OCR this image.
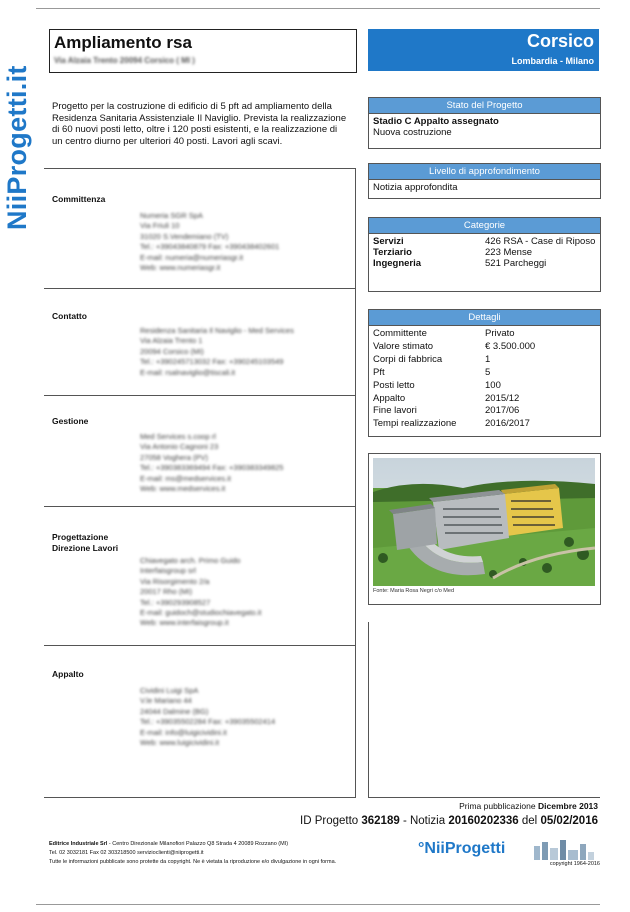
NiiProgetti.it
Ampliamento rsa
Via Alzaia Trento 20094 Corsico ( MI )
Corsico
Lombardia - Milano
Progetto per la costruzione di edificio di 5 pft ad ampliamento della Residenza Sanitaria Assistenziale Il Naviglio. Prevista la realizzazione di 60 nuovi posti letto, oltre i 120 posti esistenti, e la realizzazione di un centro diurno per ulteriori 40 posti. Lavori agli scavi.
Committenza
Numeria SGR SpA
Via Friuli 10
31020 S.Vendemiano (TV)
Tel.: +39043840879 Fax: +390438402601
E-mail: numeria@numeriasgr.it
Web: www.numeriasgr.it
Contatto
Residenza Sanitaria Il Naviglio - Med Services
Via Alzaia Trento 1
20094 Corsico (MI)
Tel.: +390245713032 Fax: +390245103549
E-mail: rsalnaviglio@tiscali.it
Gestione
Med Services s.coop rl
Via Antonio Cagnoni 23
27058 Voghera (PV)
Tel.: +390383369494 Fax: +390383349825
E-mail: ms@medservices.it
Web: www.medservices.it
Progettazione
Direzione Lavori
Chiavegato arch. Primo Guido
Interfaisgroup srl
Via Risorgimento 2/a
20017 Rho (MI)
Tel.: +390293908527
E-mail: guidoch@studiochiavegato.it
Web: www.interfaisgroup.it
Appalto
Cividini Luigi SpA
V.le Mariano 44
24044 Dalmine (BG)
Tel.: +39035502284 Fax: +39035502414
E-mail: info@luigicividini.it
Web: www.luigicividini.it
Stato del Progetto
Stadio C Appalto assegnato
Nuova costruzione
Livello di approfondimento
Notizia approfondita
Categorie
Servizi	426 RSA - Case di Riposo
Terziario	223 Mense
Ingegneria	521 Parcheggi
Dettagli
Committente	Privato
Valore stimato	€ 3.500.000
Corpi di fabbrica	1
Pft	5
Posti letto	100
Appalto	2015/12
Fine lavori	2017/06
Tempi realizzazione	2016/2017
Fonte: Maria Rosa Negri c/o Med
Prima pubblicazione Dicembre 2013
ID Progetto 362189 - Notizia 20160202336 del 05/02/2016
Editrice Industriale Srl - Centro Direzionale Milanofiori Palazzo Q8 Strada 4 20089 Rozzano (MI)
Tel. 02 3032181 Fax 02 303218500 servizioclienti@niiprogetti.it
Tutte le informazioni pubblicate sono protette da copyright. Ne è vietata la riproduzione e/o divulgazione in ogni forma.
°NiiProgetti
copyright 1964-2016
